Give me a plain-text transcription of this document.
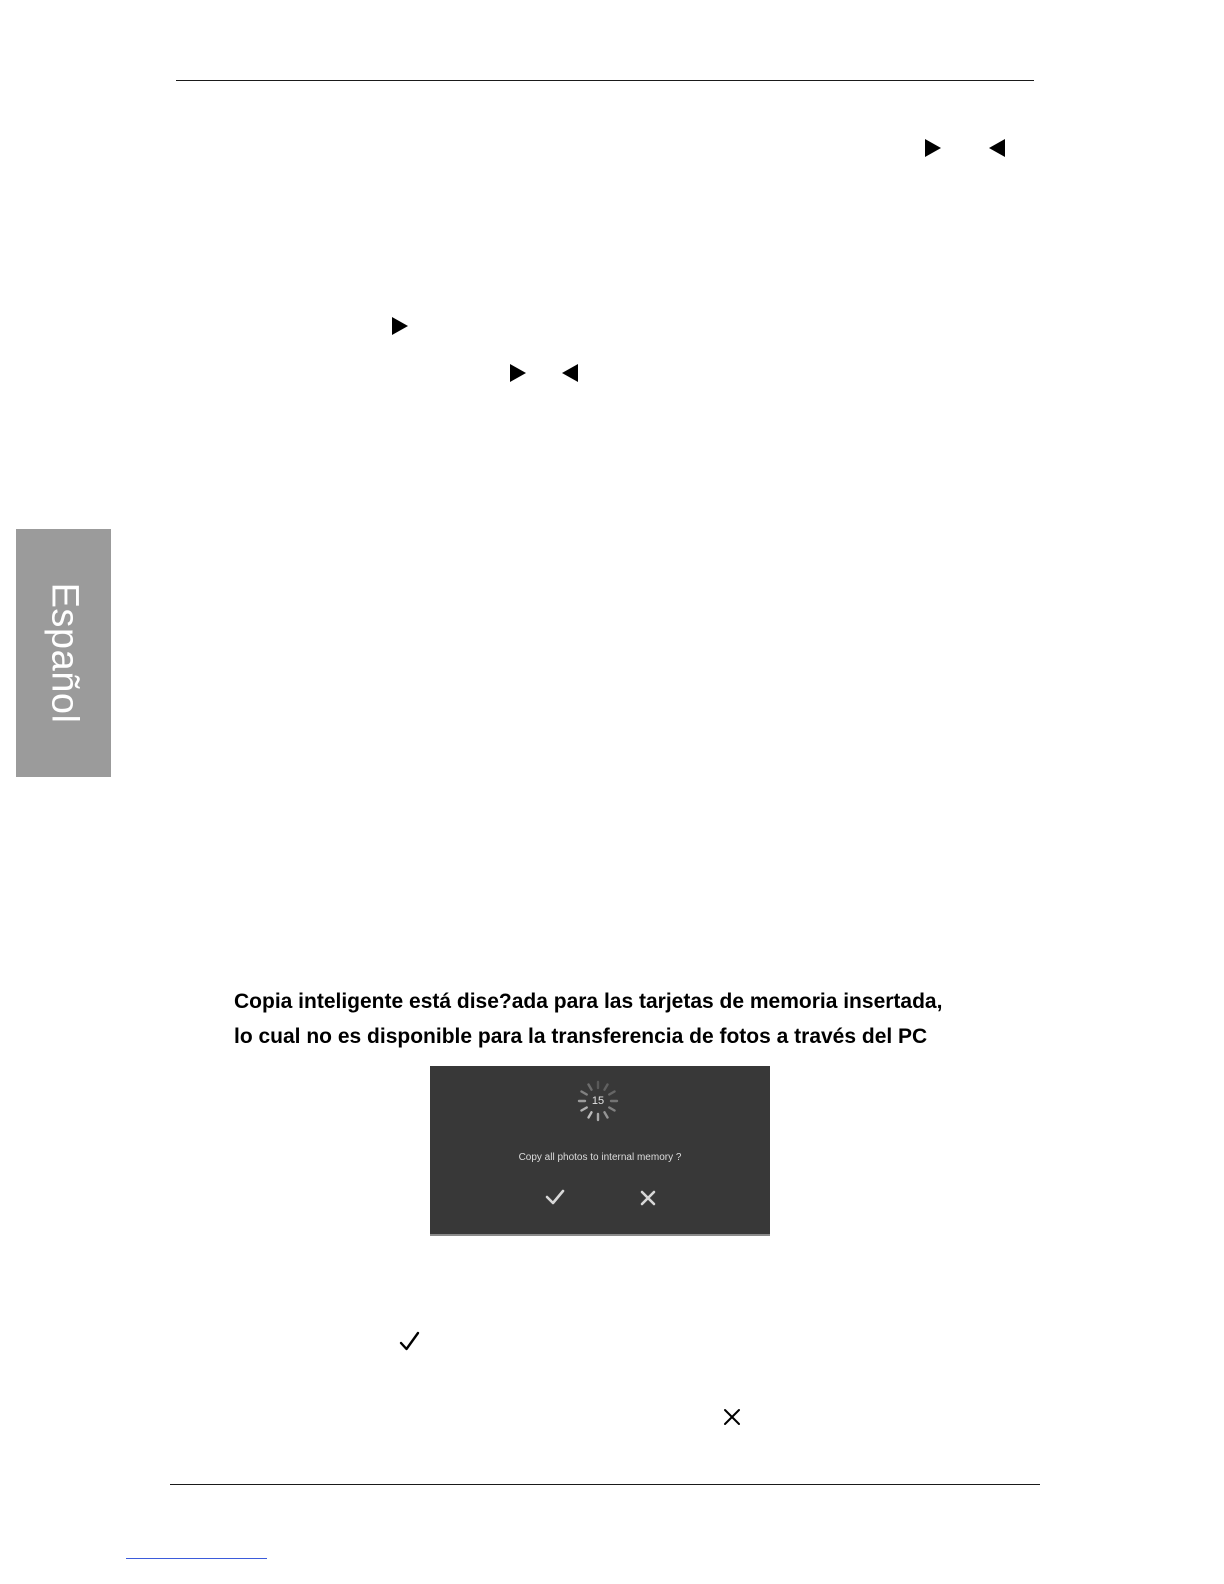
Español
Copia inteligente está dise?ada para las tarjetas de memoria insertada,
lo cual no es disponible para la transferencia de fotos a través del PC
15
Copy all photos to internal memory ?
